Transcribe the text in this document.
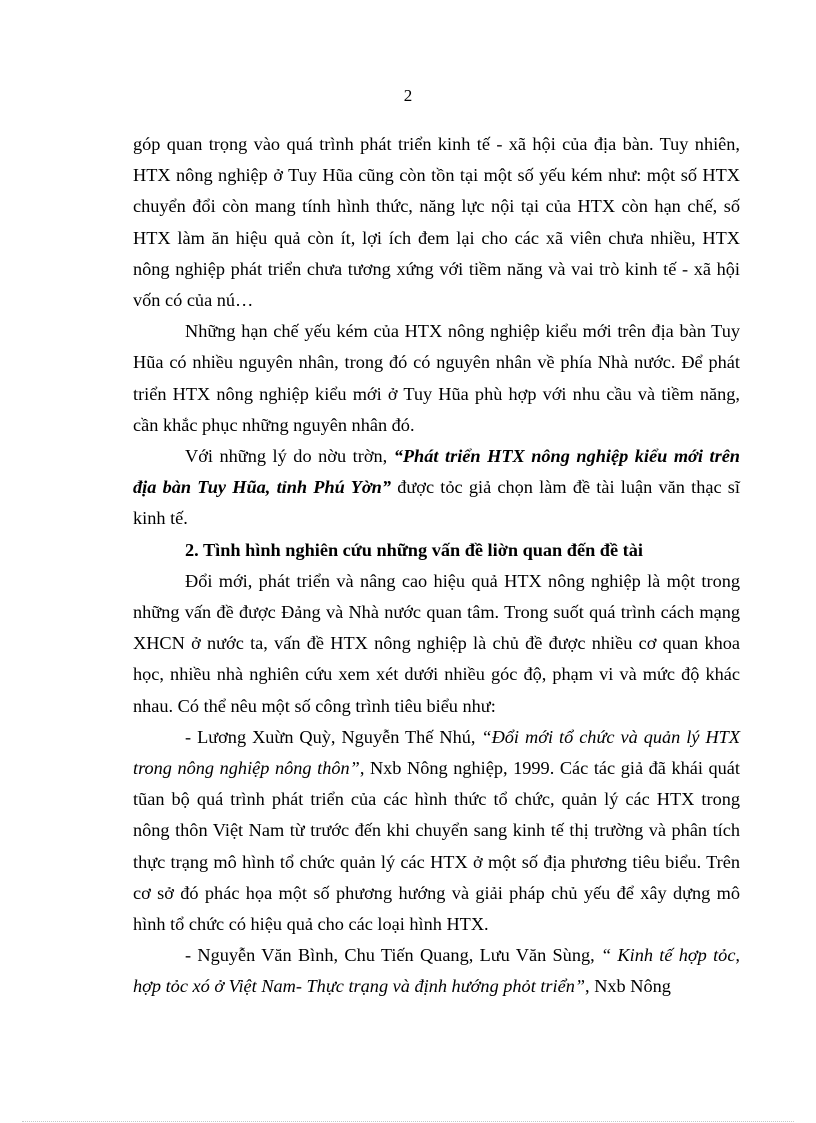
2

góp quan trọng vào quá trình phát triển kinh tế - xã hội của địa bàn. Tuy nhiên, HTX nông nghiệp ở Tuy Hũa cũng còn tồn tại một số yếu kém như: một số HTX chuyển đổi còn mang tính hình thức, năng lực nội tại của HTX còn hạn chế, số HTX làm ăn hiệu quả còn ít, lợi ích đem lại cho các xã viên chưa nhiều, HTX nông nghiệp phát triển chưa tương xứng với tiềm năng và vai trò kinh tế - xã hội vốn có của nú…

Những hạn chế yếu kém của HTX nông nghiệp kiểu mới trên địa bàn Tuy Hũa có nhiều nguyên nhân, trong đó có nguyên nhân về phía Nhà nước. Để phát triển HTX nông nghiệp kiểu mới ở Tuy Hũa phù hợp với nhu cầu và tiềm năng, cần khắc phục những nguyên nhân đó.

Với những lý do nờu trờn, “Phát triển HTX nông nghiệp kiểu mới trên địa bàn Tuy Hũa, tỉnh Phú Yờn” được tỏc giả chọn làm đề tài luận văn thạc sĩ kinh tế.

2. Tình hình nghiên cứu những vấn đề liờn quan đến đề tài

Đổi mới, phát triển và nâng cao hiệu quả HTX nông nghiệp là một trong những vấn đề được Đảng và Nhà nước quan tâm. Trong suốt quá trình cách mạng XHCN ở nước ta, vấn đề HTX nông nghiệp là chủ đề được nhiều cơ quan khoa học, nhiều nhà nghiên cứu xem xét dưới nhiều góc độ, phạm vi và mức độ khác nhau. Có thể nêu một số công trình tiêu biểu như:

- Lương Xuừn Quỳ, Nguyễn Thế Nhú, “Đổi mới tổ chức và quản lý HTX trong nông nghiệp nông thôn”, Nxb Nông nghiệp, 1999. Các tác giả đã khái quát tũan bộ quá trình phát triển của các hình thức tổ chức, quản lý các HTX trong nông thôn Việt Nam từ trước đến khi chuyển sang kinh tế thị trường và phân tích thực trạng mô hình tổ chức quản lý các HTX ở một số địa phương tiêu biểu. Trên cơ sở đó phác họa một số phương hướng và giải pháp chủ yếu để xây dựng mô hình tổ chức có hiệu quả cho các loại hình HTX.

- Nguyễn Văn Bình, Chu Tiến Quang, Lưu Văn Sùng, “ Kinh tế hợp tỏc, hợp tỏc xó ở Việt Nam- Thực trạng và định hướng phỏt triển”, Nxb Nông
